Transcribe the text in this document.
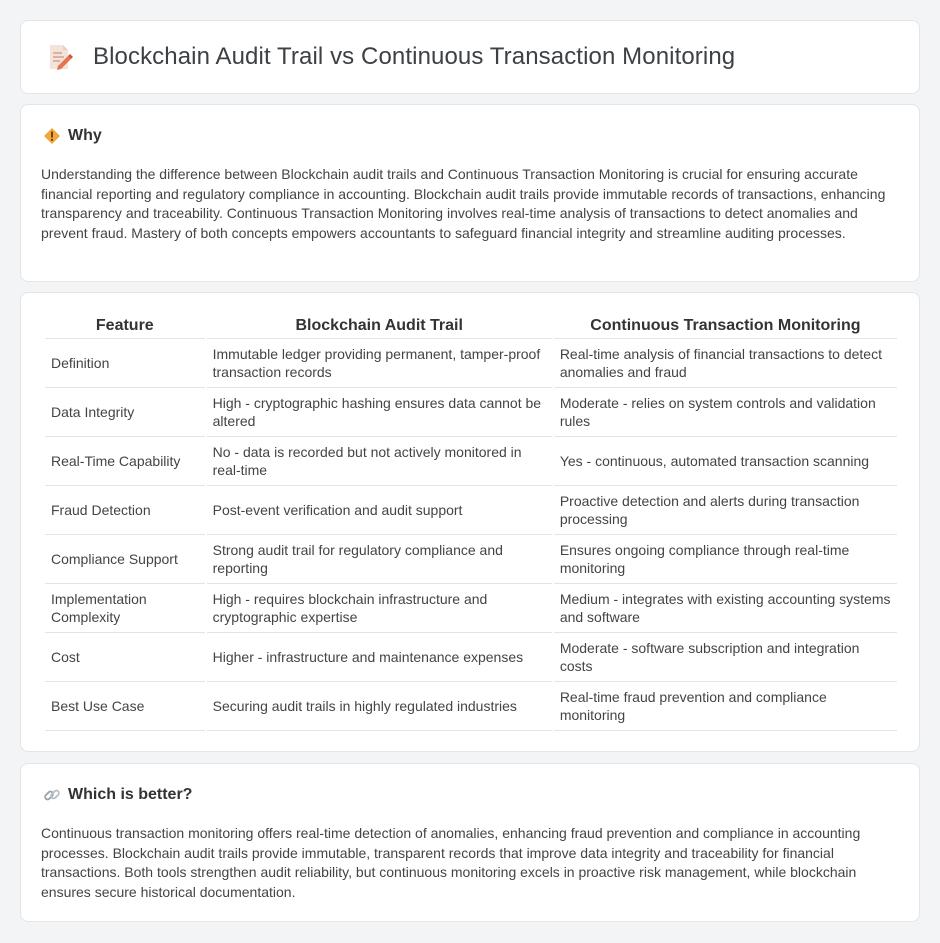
Blockchain Audit Trail vs Continuous Transaction Monitoring
Why

Understanding the difference between Blockchain audit trails and Continuous Transaction Monitoring is crucial for ensuring accurate financial reporting and regulatory compliance in accounting. Blockchain audit trails provide immutable records of transactions, enhancing transparency and traceability. Continuous Transaction Monitoring involves real-time analysis of transactions to detect anomalies and prevent fraud. Mastery of both concepts empowers accountants to safeguard financial integrity and streamline auditing processes.

Feature	Blockchain Audit Trail	Continuous Transaction Monitoring
Definition	Immutable ledger providing permanent, tamper-proof transaction records	Real-time analysis of financial transactions to detect anomalies and fraud
Data Integrity	High - cryptographic hashing ensures data cannot be altered	Moderate - relies on system controls and validation rules
Real-Time Capability	No - data is recorded but not actively monitored in real-time	Yes - continuous, automated transaction scanning
Fraud Detection	Post-event verification and audit support	Proactive detection and alerts during transaction processing
Compliance Support	Strong audit trail for regulatory compliance and reporting	Ensures ongoing compliance through real-time monitoring
Implementation Complexity	High - requires blockchain infrastructure and cryptographic expertise	Medium - integrates with existing accounting systems and software
Cost	Higher - infrastructure and maintenance expenses	Moderate - software subscription and integration costs
Best Use Case	Securing audit trails in highly regulated industries	Real-time fraud prevention and compliance monitoring
Which is better?

Continuous transaction monitoring offers real-time detection of anomalies, enhancing fraud prevention and compliance in accounting processes. Blockchain audit trails provide immutable, transparent records that improve data integrity and traceability for financial transactions. Both tools strengthen audit reliability, but continuous monitoring excels in proactive risk management, while blockchain ensures secure historical documentation.
